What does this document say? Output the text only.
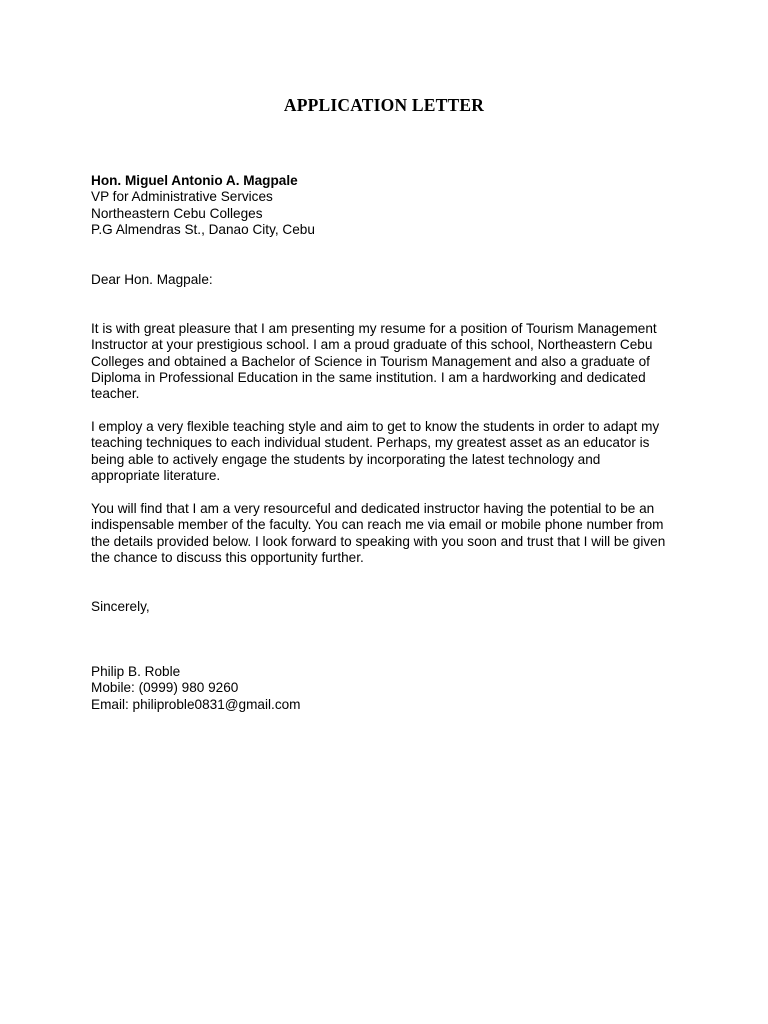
APPLICATION LETTER
Hon. Miguel Antonio A. Magpale
VP for Administrative Services
Northeastern Cebu Colleges
P.G Almendras St., Danao City, Cebu
Dear Hon. Magpale:
It is with great pleasure that I am presenting my resume for a position of Tourism Management
Instructor at your prestigious school. I am a proud graduate of this school, Northeastern Cebu
Colleges and obtained a Bachelor of Science in Tourism Management and also a graduate of
Diploma in Professional Education in the same institution. I am a hardworking and dedicated
teacher.
I employ a very flexible teaching style and aim to get to know the students in order to adapt my
teaching techniques to each individual student. Perhaps, my greatest asset as an educator is
being able to actively engage the students by incorporating the latest technology and
appropriate literature.
You will find that I am a very resourceful and dedicated instructor having the potential to be an
indispensable member of the faculty. You can reach me via email or mobile phone number from
the details provided below. I look forward to speaking with you soon and trust that I will be given
the chance to discuss this opportunity further.
Sincerely,
Philip B. Roble
Mobile: (0999) 980 9260
Email: philiproble0831@gmail.com
